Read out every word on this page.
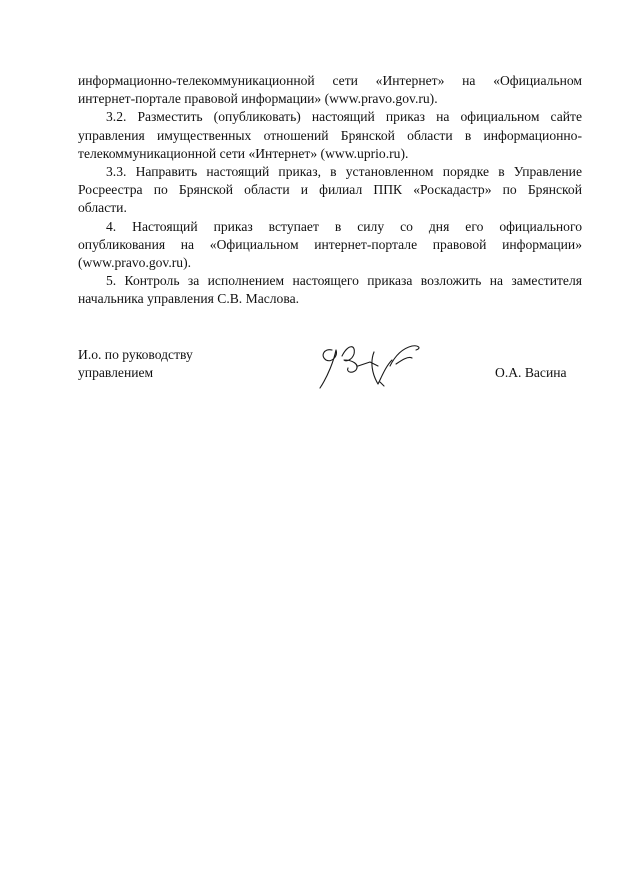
информационно-телекоммуникационной сети «Интернет» на «Официальном
интернет-портале правовой информации» (www.pravo.gov.ru).

3.2. Разместить (опубликовать) настоящий приказ на официальном сайте
управления имущественных отношений Брянской области в информационно-
телекоммуникационной сети «Интернет» (www.uprio.ru).

3.3. Направить настоящий приказ, в установленном порядке в Управление
Росреестра по Брянской области и филиал ППК «Роскадастр» по Брянской
области.

4. Настоящий приказ вступает в силу со дня его официального
опубликования на «Официальном интернет-портале правовой информации»
(www.pravo.gov.ru).

5. Контроль за исполнением настоящего приказа возложить на заместителя
начальника управления С.В. Маслова.

И.о. по руководству
управлением	О.А. Васина
